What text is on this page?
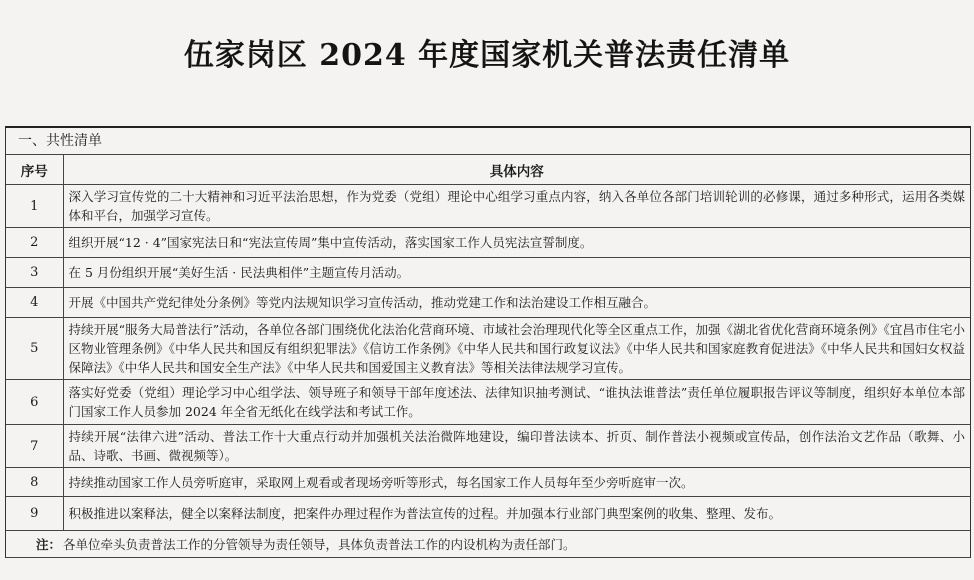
伍家岗区 2024 年度国家机关普法责任清单
一、共性清单
序号	具体内容
1	深入学习宣传党的二十大精神和习近平法治思想，作为党委（党组）理论中心组学习重点内容，纳入各单位各部门培训轮训的必修课，通过多种形式，运用各类媒体和平台，加强学习宣传。
2	组织开展“12 · 4”国家宪法日和“宪法宣传周”集中宣传活动，落实国家工作人员宪法宣誓制度。
3	在 5 月份组织开展“美好生活 · 民法典相伴”主题宣传月活动。
4	开展《中国共产党纪律处分条例》等党内法规知识学习宣传活动，推动党建工作和法治建设工作相互融合。
5	持续开展“服务大局普法行”活动，各单位各部门围绕优化法治化营商环境、市域社会治理现代化等全区重点工作，加强《湖北省优化营商环境条例》《宜昌市住宅小区物业管理条例》《中华人民共和国反有组织犯罪法》《信访工作条例》《中华人民共和国行政复议法》《中华人民共和国家庭教育促进法》《中华人民共和国妇女权益保障法》《中华人民共和国安全生产法》《中华人民共和国爱国主义教育法》等相关法律法规学习宣传。
6	落实好党委（党组）理论学习中心组学法、领导班子和领导干部年度述法、法律知识抽考测试、“谁执法谁普法”责任单位履职报告评议等制度，组织好本单位本部门国家工作人员参加 2024 年全省无纸化在线学法和考试工作。
7	持续开展“法律六进”活动、普法工作十大重点行动并加强机关法治微阵地建设，编印普法读本、折页、制作普法小视频或宣传品，创作法治文艺作品（歌舞、小品、诗歌、书画、微视频等）。
8	持续推动国家工作人员旁听庭审，采取网上观看或者现场旁听等形式，每名国家工作人员每年至少旁听庭审一次。
9	积极推进以案释法，健全以案释法制度，把案件办理过程作为普法宣传的过程。并加强本行业部门典型案例的收集、整理、发布。
注： 各单位牵头负责普法工作的分管领导为责任领导，具体负责普法工作的内设机构为责任部门。
